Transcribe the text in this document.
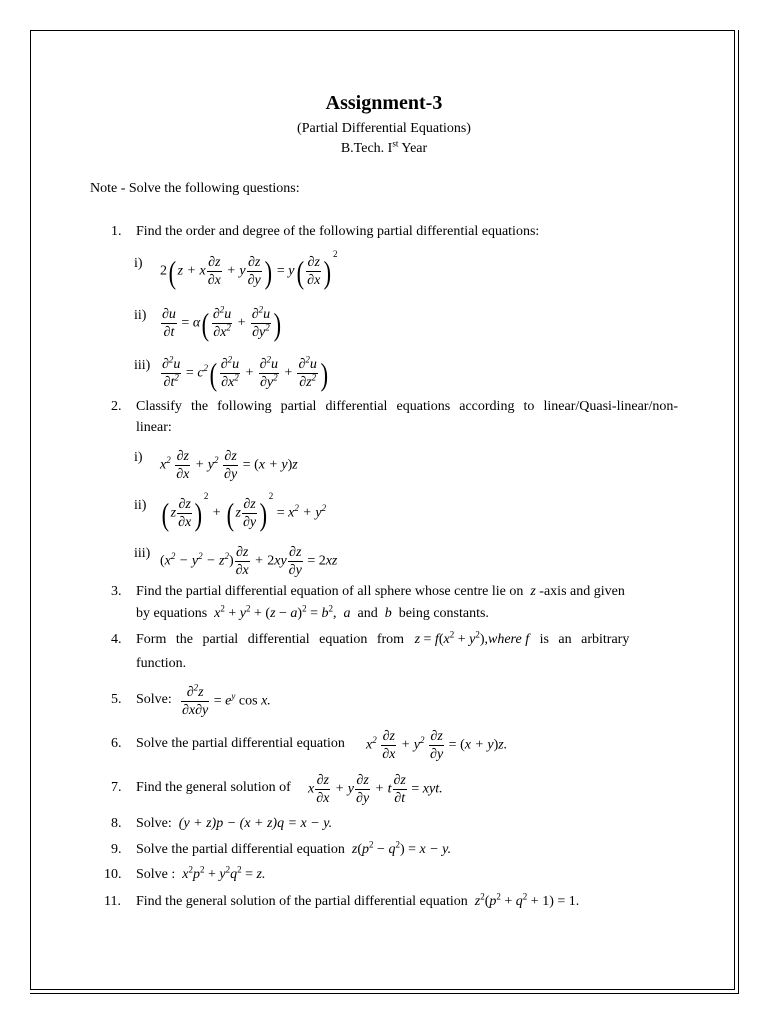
Assignment-3
(Partial Differential Equations)
B.Tech. Ist Year
Note - Solve the following questions:
1.	Find the order and degree of the following partial differential equations:
i)
2( z + x $\frac{\partial z}{\partial x} + y \frac{\partial z}{\partial y}$ ) = $y( \frac{\partial z}{\partial x}$ ) 2
$ii) \frac{\partial u}{\partial t} = \alpha( \frac{\partial^2u}{\partial x^2} + \frac{\partial^2u}{\partial y^2}$ )
$iii) \frac{\partial^2u}{\partial t^2} = c^2( \frac{\partial^2u}{\partial x^2} + \frac{\partial^2u}{\partial y^2} + \frac{\partial^2u}{\partial z^2}$ )
2.	Classify the following partial differential equations according to linear/Quasi-linear/non-
linear:
i)
$x^2 \frac{\partial z}{\partial x} + y^2 \frac{\partial z}{\partial y} = (x + y)z$
ii) ( z $\frac{\partial z}{\partial x}$ ) 2 + ( z $\frac{\partial z}{\partial y}$ ) $2 = x^2 + y^2$
iii)
$(x^2 - y^2 - z^2) \frac{\partial z}{\partial x} + 2xy \frac{\partial z}{\partial y} = 2xz$
3.	Find the partial differential equation of all sphere whose centre lie on z -axis and given
by equations $x^2 + y^2 + (z - a)^2 = b^2$,  a  and  b being constants.
4.	Form the partial differential equation from $z = f(x^2$ + $y^2),where$ f is an arbitrary
function.
5.	Solve: $\frac{\partial^2z}{\partial x\partial y} = e^y$ cos x.
6.	Solve the partial differential equation $x^2 \frac{\partial z}{\partial x} + y^2 \frac{\partial z}{\partial y} = (x + y)z$.
7.	Find the general solution of x $\frac{\partial z}{\partial x} + y \frac{\partial z}{\partial y} + t \frac{\partial z}{\partial t}$ = xyt.
8.	Solve: (y + z)p − (x + z)q = x − y.
9.	Solve the partial differential equation $z(p^2 - q^2) = x - y$.
10.	Solve : $x^2p^2 + y^2q^2 = z$.
11.	Find the general solution of the partial differential equation $z^2(p^2 + q^2 + 1) = 1$.
